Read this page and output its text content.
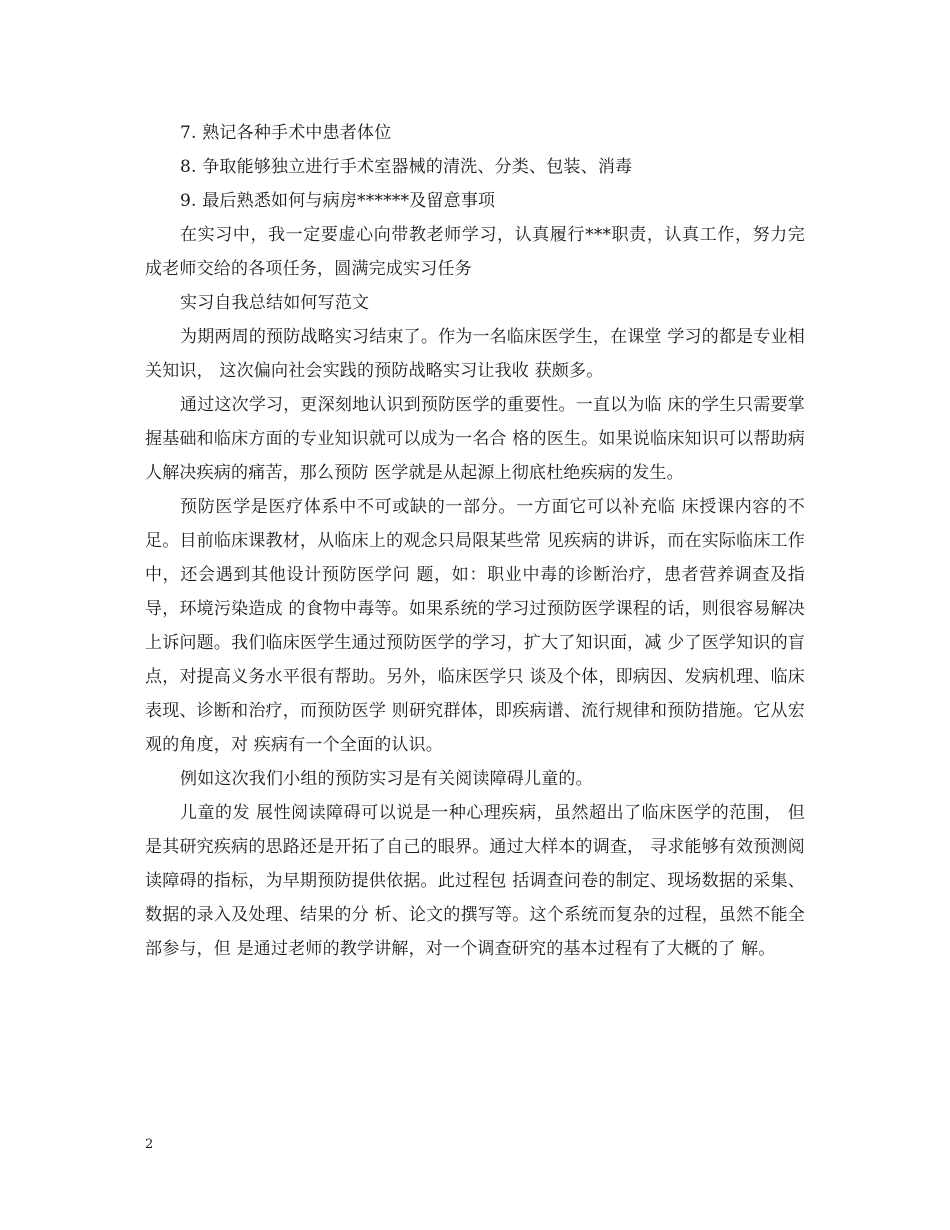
7. 熟记各种手术中患者体位
8. 争取能够独立进行手术室器械的清洗、分类、包装、消毒
9. 最后熟悉如何与病房******及留意事项

在实习中，我一定要虚心向带教老师学习，认真履行***职责，认真工作，努力完成老师交给的各项任务，圆满完成实习任务

实习自我总结如何写范文

为期两周的预防战略实习结束了。作为一名临床医学生，在课堂 学习的都是专业相关知识， 这次偏向社会实践的预防战略实习让我收 获颇多。

通过这次学习，更深刻地认识到预防医学的重要性。一直以为临 床的学生只需要掌握基础和临床方面的专业知识就可以成为一名合 格的医生。如果说临床知识可以帮助病人解决疾病的痛苦，那么预防 医学就是从起源上彻底杜绝疾病的发生。

预防医学是医疗体系中不可或缺的一部分。一方面它可以补充临 床授课内容的不足。目前临床课教材，从临床上的观念只局限某些常 见疾病的讲诉，而在实际临床工作中，还会遇到其他设计预防医学问 题，如：职业中毒的诊断治疗，患者营养调查及指导，环境污染造成 的食物中毒等。如果系统的学习过预防医学课程的话，则很容易解决 上诉问题。我们临床医学生通过预防医学的学习，扩大了知识面，减 少了医学知识的盲点，对提高义务水平很有帮助。另外，临床医学只 谈及个体，即病因、发病机理、临床表现、诊断和治疗，而预防医学 则研究群体，即疾病谱、流行规律和预防措施。它从宏观的角度，对 疾病有一个全面的认识。

例如这次我们小组的预防实习是有关阅读障碍儿童的。

儿童的发 展性阅读障碍可以说是一种心理疾病，虽然超出了临床医学的范围， 但是其研究疾病的思路还是开拓了自己的眼界。通过大样本的调查， 寻求能够有效预测阅读障碍的指标，为早期预防提供依据。此过程包 括调查问卷的制定、现场数据的采集、数据的录入及处理、结果的分 析、论文的撰写等。这个系统而复杂的过程，虽然不能全部参与，但 是通过老师的教学讲解，对一个调查研究的基本过程有了大概的了 解。

2
